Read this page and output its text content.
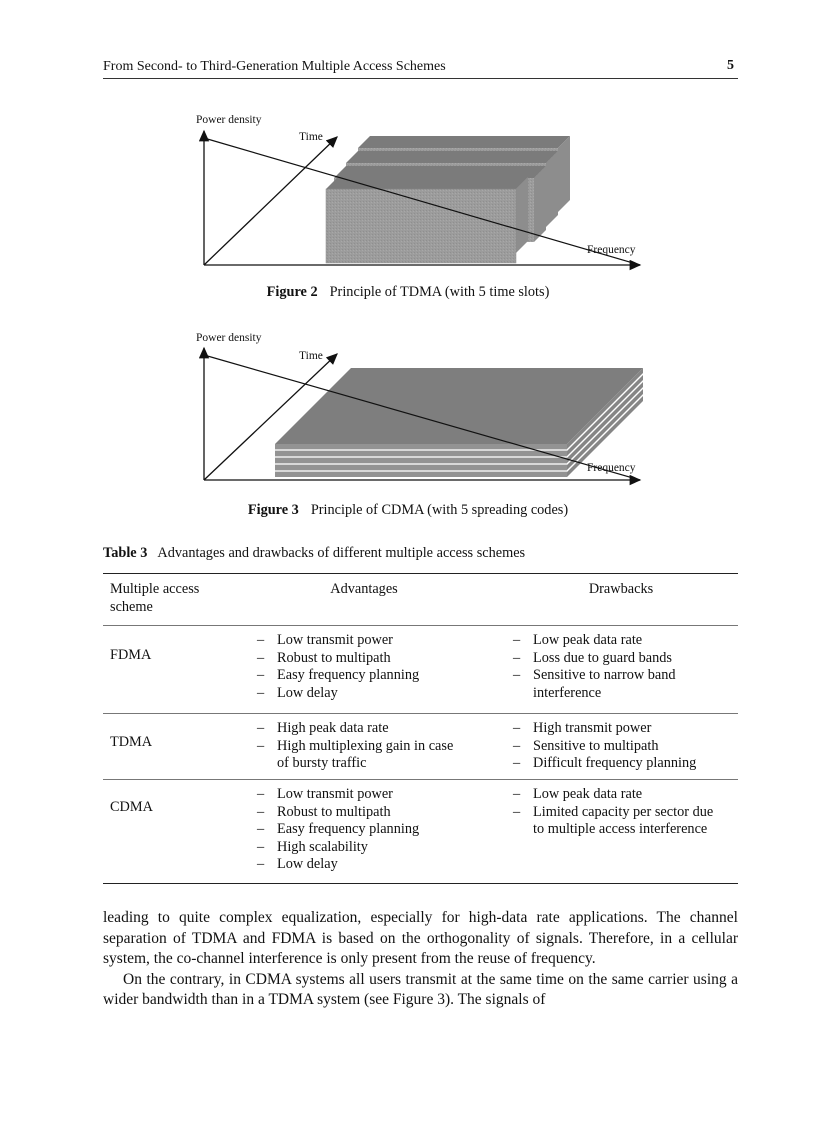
From Second- to Third-Generation Multiple Access Schemes	5
Power density
Time
Frequency
Figure 2 Principle of TDMA (with 5 time slots)
Power density
Time
Frequency
Figure 3 Principle of CDMA (with 5 spreading codes)
Table 3 Advantages and drawbacks of different multiple access schemes
Multiple access scheme
Advantages	Drawbacks
FDMA
– Low transmit power
– Robust to multipath
– Easy frequency planning
– Low delay
– Low peak data rate
– Loss due to guard bands
– Sensitive to narrow band interference
TDMA
– High peak data rate
– High multiplexing gain in case of bursty traffic
– High transmit power
– Sensitive to multipath
– Difficult frequency planning
CDMA
– Low transmit power
– Robust to multipath
– Easy frequency planning
– High scalability
– Low delay
– Low peak data rate
– Limited capacity per sector due to multiple access interference

leading to quite complex equalization, especially for high-data rate applications. The channel separation of TDMA and FDMA is based on the orthogonality of signals. Therefore, in a cellular system, the co-channel interference is only present from the reuse of frequency.

On the contrary, in CDMA systems all users transmit at the same time on the same carrier using a wider bandwidth than in a TDMA system (see Figure 3). The signals of
